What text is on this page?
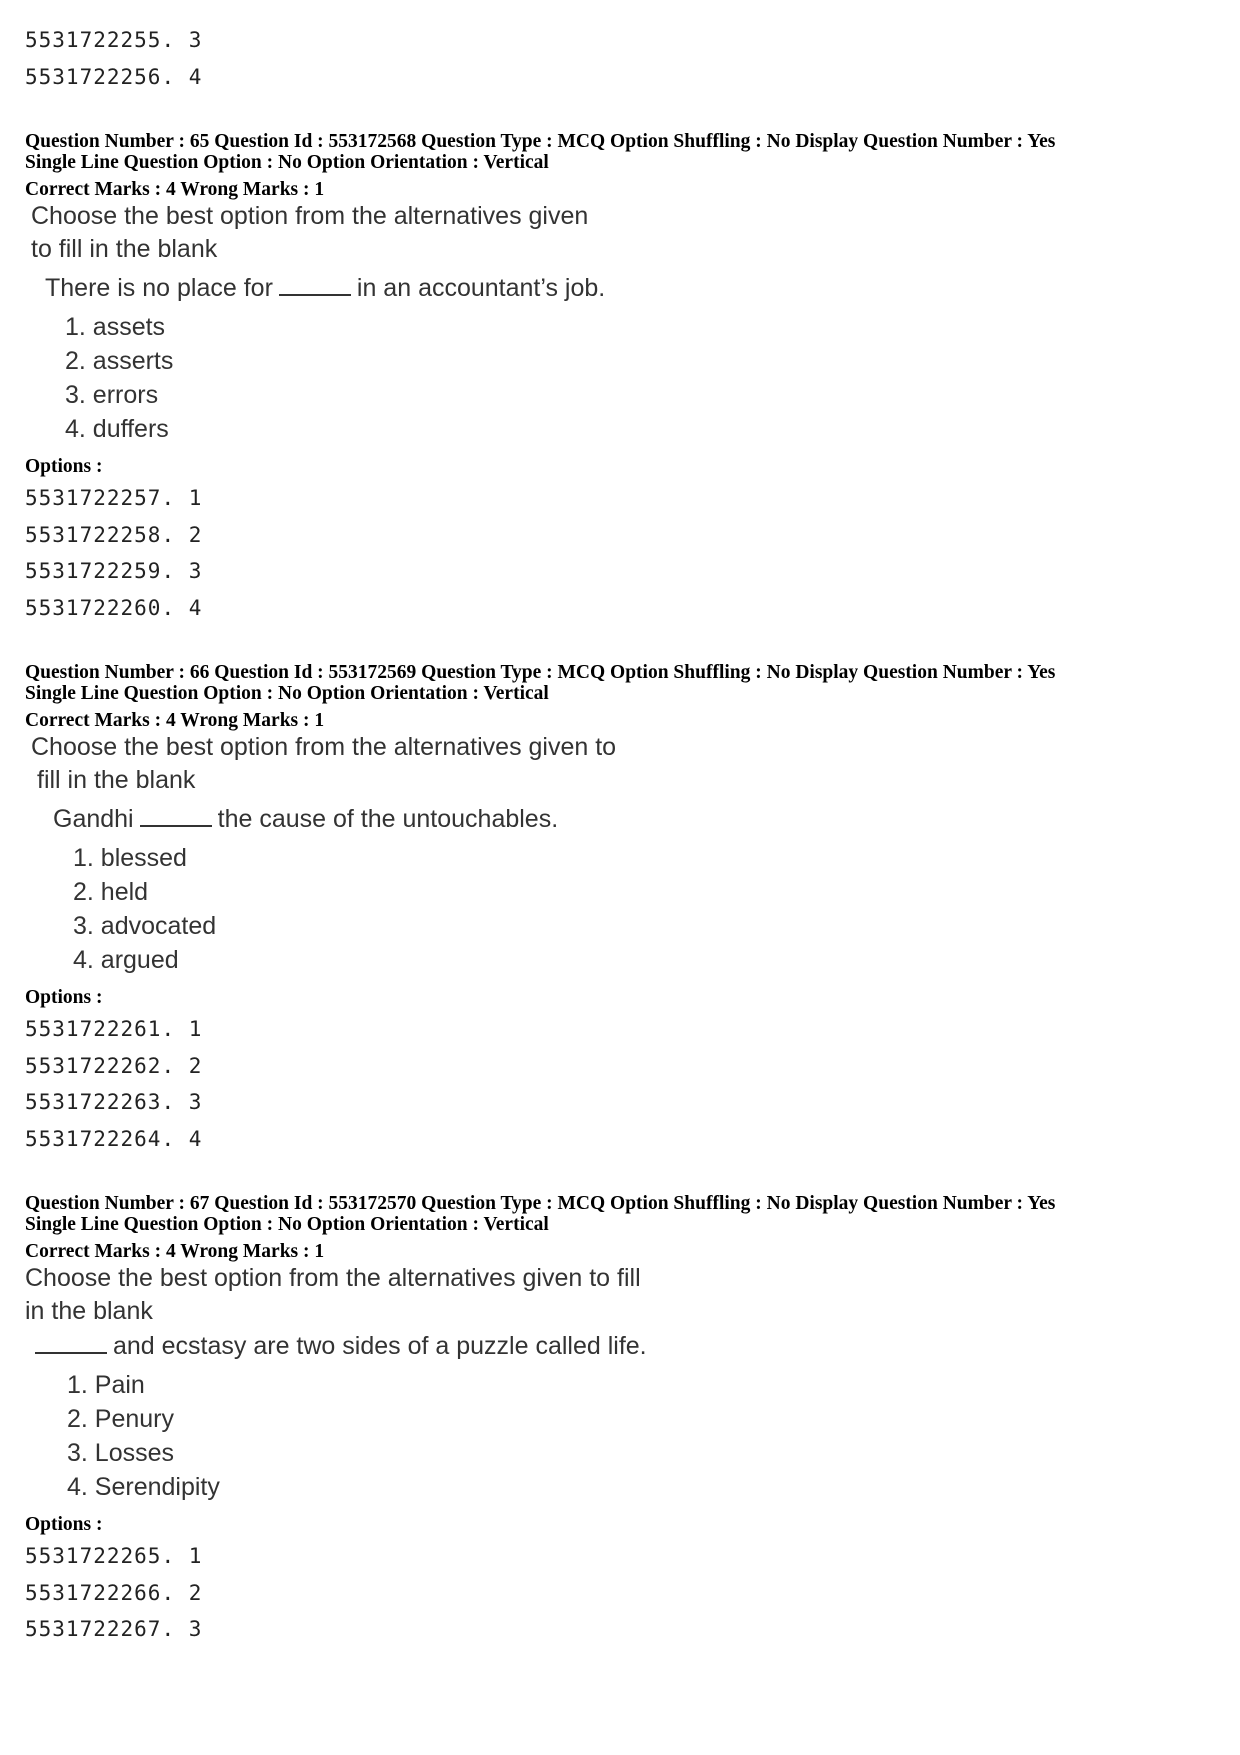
5531722255. 3
5531722256. 4
Question Number : 65 Question Id : 553172568 Question Type : MCQ Option Shuffling : No Display Question Number : Yes
Single Line Question Option : No Option Orientation : Vertical
Correct Marks : 4 Wrong Marks : 1
Choose the best option from the alternatives given
to fill in the blank
There is no place for	in an accountant’s job.
1. assets
2. asserts
3. errors
4. duffers
Options :
5531722257. 1
5531722258. 2
5531722259. 3
5531722260. 4
Question Number : 66 Question Id : 553172569 Question Type : MCQ Option Shuffling : No Display Question Number : Yes
Single Line Question Option : No Option Orientation : Vertical
Correct Marks : 4 Wrong Marks : 1
Choose the best option from the alternatives given to
fill in the blank
Gandhi	the cause of the untouchables.
1. blessed
2. held
3. advocated
4. argued
Options :
5531722261. 1
5531722262. 2
5531722263. 3
5531722264. 4
Question Number : 67 Question Id : 553172570 Question Type : MCQ Option Shuffling : No Display Question Number : Yes
Single Line Question Option : No Option Orientation : Vertical
Correct Marks : 4 Wrong Marks : 1
Choose the best option from the alternatives given to fill
in the blank
and ecstasy are two sides of a puzzle called life.
1. Pain
2. Penury
3. Losses
4. Serendipity
Options :
5531722265. 1
5531722266. 2
5531722267. 3
